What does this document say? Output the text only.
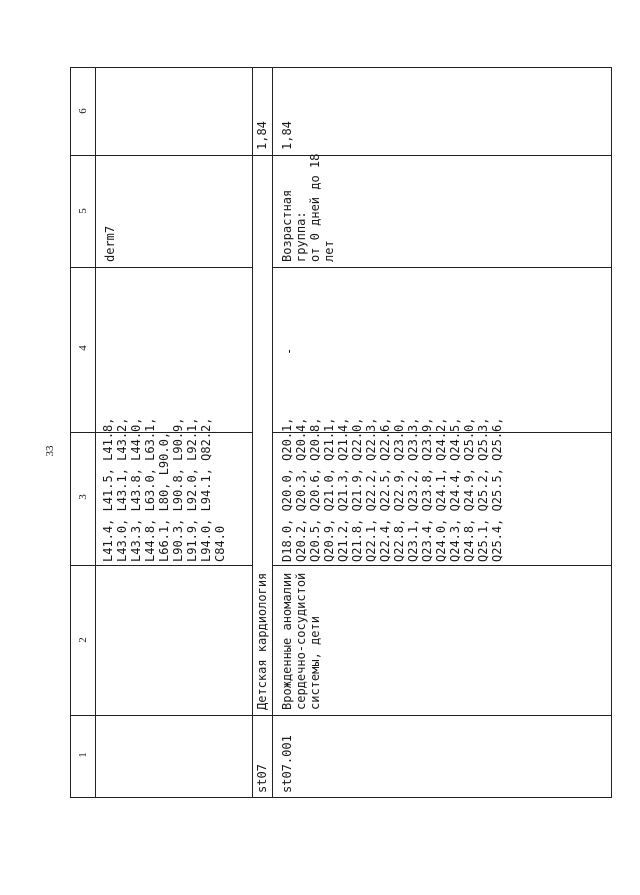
33
1
2
3
4
5
6
L41.4, L41.5, L41.8,
L43.0, L43.1, L43.2,
L43.3, L43.8, L44.0,
L44.8, L63.0, L63.1,
L66.1, L80, L90.0,
L90.3, L90.8, L90.9,
L91.9, L92.0, L92.1,
L94.0, L94.1, Q82.2,
C84.0
derm7
st07
Детская кардиология
1,84
st07.001
Врожденные аномалии
сердечно-сосудистой
системы, дети
D18.0, Q20.0, Q20.1,
Q20.2, Q20.3, Q20.4,
Q20.5, Q20.6, Q20.8,
Q20.9, Q21.0, Q21.1,
Q21.2, Q21.3, Q21.4,
Q21.8, Q21.9, Q22.0,
Q22.1, Q22.2, Q22.3,
Q22.4, Q22.5, Q22.6,
Q22.8, Q22.9, Q23.0,
Q23.1, Q23.2, Q23.3,
Q23.4, Q23.8, Q23.9,
Q24.0, Q24.1, Q24.2,
Q24.3, Q24.4, Q24.5,
Q24.8, Q24.9, Q25.0,
Q25.1, Q25.2, Q25.3,
Q25.4, Q25.5, Q25.6,
-
Возрастная
группа:
от 0 дней до 18
лет
1,84
